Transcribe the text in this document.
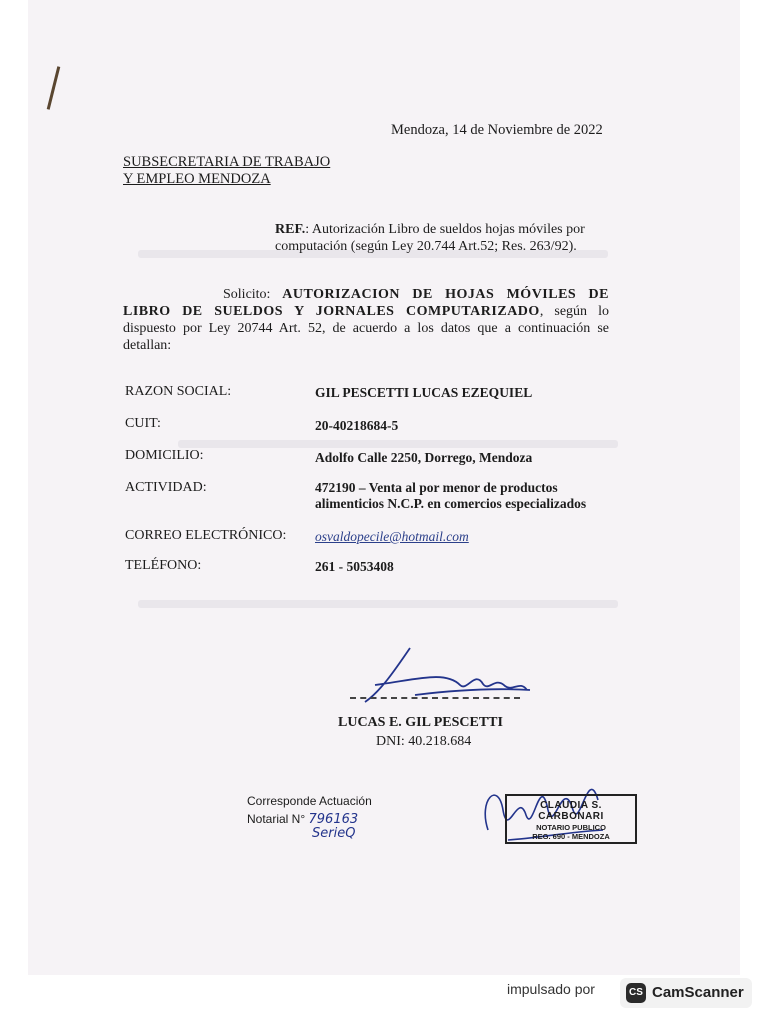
Mendoza, 14 de Noviembre de 2022
SUBSECRETARIA DE TRABAJO
Y EMPLEO MENDOZA
REF.: Autorización Libro de sueldos hojas móviles por computación (según Ley 20.744 Art.52; Res. 263/92).
Solicito: AUTORIZACION DE HOJAS MÓVILES DE LIBRO DE SUELDOS Y JORNALES COMPUTARIZADO, según lo dispuesto por Ley 20744 Art. 52, de acuerdo a los datos que a continuación se detallan:
RAZON SOCIAL:	GIL PESCETTI LUCAS EZEQUIEL
CUIT:	20-40218684-5
DOMICILIO:	Adolfo Calle 2250, Dorrego, Mendoza
ACTIVIDAD:	472190 – Venta al por menor de productos
alimenticios N.C.P. en comercios especializados
CORREO ELECTRÓNICO: osvaldopecile@hotmail.com
TELÉFONO:	261 - 5053408
LUCAS E. GIL PESCETTI
DNI: 40.218.684
Corresponde Actuación
Notarial N° 796163
SerieQ
CLAUDIA S. CARBONARI
NOTARIO PUBLICO
REG. 690 - MENDOZA
impulsado por	CS CamScanner
